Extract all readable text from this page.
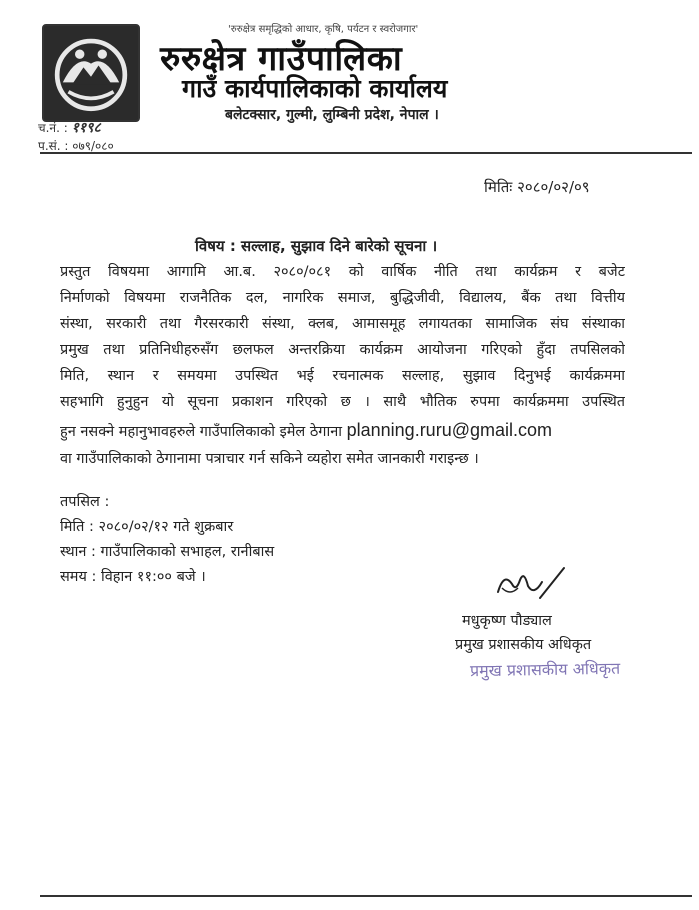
'रुरुक्षेत्र समृद्धिको आधार, कृषि, पर्यटन र स्वरोजगार'
रुरुक्षेत्र गाउँपालिका
गाउँ कार्यपालिकाको कार्यालय
बलेटक्सार, गुल्मी, लुम्बिनी प्रदेश, नेपाल ।
च.नं. : ११९८
प.सं. : ०७९/०८०
मितिः २०८०/०२/०९
विषय : सल्लाह, सुझाव दिने बारेको सूचना ।
प्रस्तुत विषयमा आगामि आ.ब. २०८०/०८१ को वार्षिक नीति तथा कार्यक्रम र बजेट
निर्माणको विषयमा राजनैतिक दल, नागरिक समाज, बुद्धिजीवी, विद्यालय, बैंक तथा वित्तीय
संस्था, सरकारी तथा गैरसरकारी संस्था, क्लब, आमासमूह लगायतका सामाजिक संघ संस्थाका
प्रमुख तथा प्रतिनिधीहरुसँग छलफल अन्तरक्रिया कार्यक्रम आयोजना गरिएको हुँदा तपसिलको
मिति, स्थान र समयमा उपस्थित भई रचनात्मक सल्लाह, सुझाव दिनुभई कार्यक्रममा
सहभागि हुनुहुन यो सूचना प्रकाशन गरिएको छ । साथै भौतिक रुपमा कार्यक्रममा उपस्थित
हुन नसक्ने महानुभावहरुले गाउँपालिकाको इमेल ठेगाना planning.ruru@gmail.com
वा गाउँपालिकाको ठेगानामा पत्राचार गर्न सकिने व्यहोरा समेत जानकारी गराइन्छ ।
तपसिल :
मिति : २०८०/०२/१२ गते शुक्रबार
स्थान : गाउँपालिकाको सभाहल, रानीबास
समय : विहान ११:०० बजे ।
मधुकृष्ण पौड्याल
प्रमुख प्रशासकीय अधिकृत
प्रमुख प्रशासकीय अधिकृत
